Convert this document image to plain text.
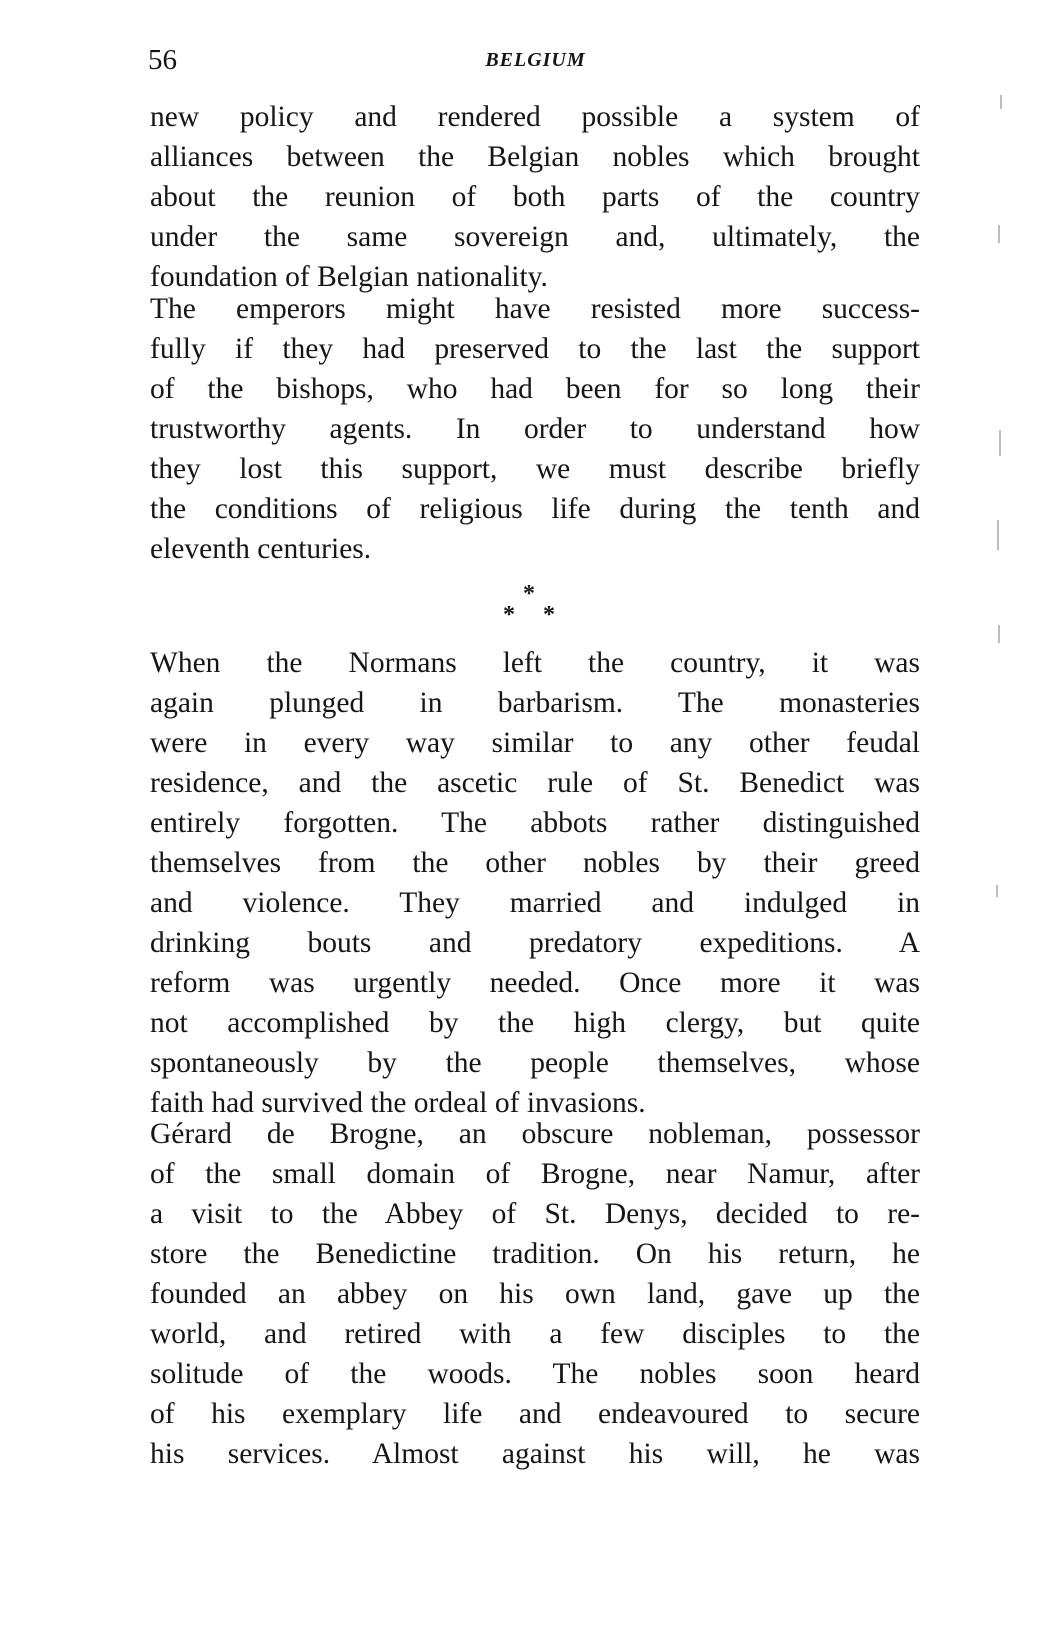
56	BELGIUM
new policy and rendered possible a system of
alliances between the Belgian nobles which brought
about the reunion of both parts of the country
under the same sovereign and, ultimately, the
foundation of Belgian nationality.
The emperors might have resisted more success-
fully if they had preserved to the last the support
of the bishops, who had been for so long their
trustworthy agents. In order to understand how
they lost this support, we must describe briefly
the conditions of religious life during the tenth and
eleventh centuries.
*
* *
When the Normans left the country, it was
again plunged in barbarism. The monasteries
were in every way similar to any other feudal
residence, and the ascetic rule of St. Benedict was
entirely forgotten. The abbots rather distinguished
themselves from the other nobles by their greed
and violence. They married and indulged in
drinking bouts and predatory expeditions. A
reform was urgently needed. Once more it was
not accomplished by the high clergy, but quite
spontaneously by the people themselves, whose
faith had survived the ordeal of invasions.
Gérard de Brogne, an obscure nobleman, possessor
of the small domain of Brogne, near Namur, after
a visit to the Abbey of St. Denys, decided to re-
store the Benedictine tradition. On his return, he
founded an abbey on his own land, gave up the
world, and retired with a few disciples to the
solitude of the woods. The nobles soon heard
of his exemplary life and endeavoured to secure
his services. Almost against his will, he was
